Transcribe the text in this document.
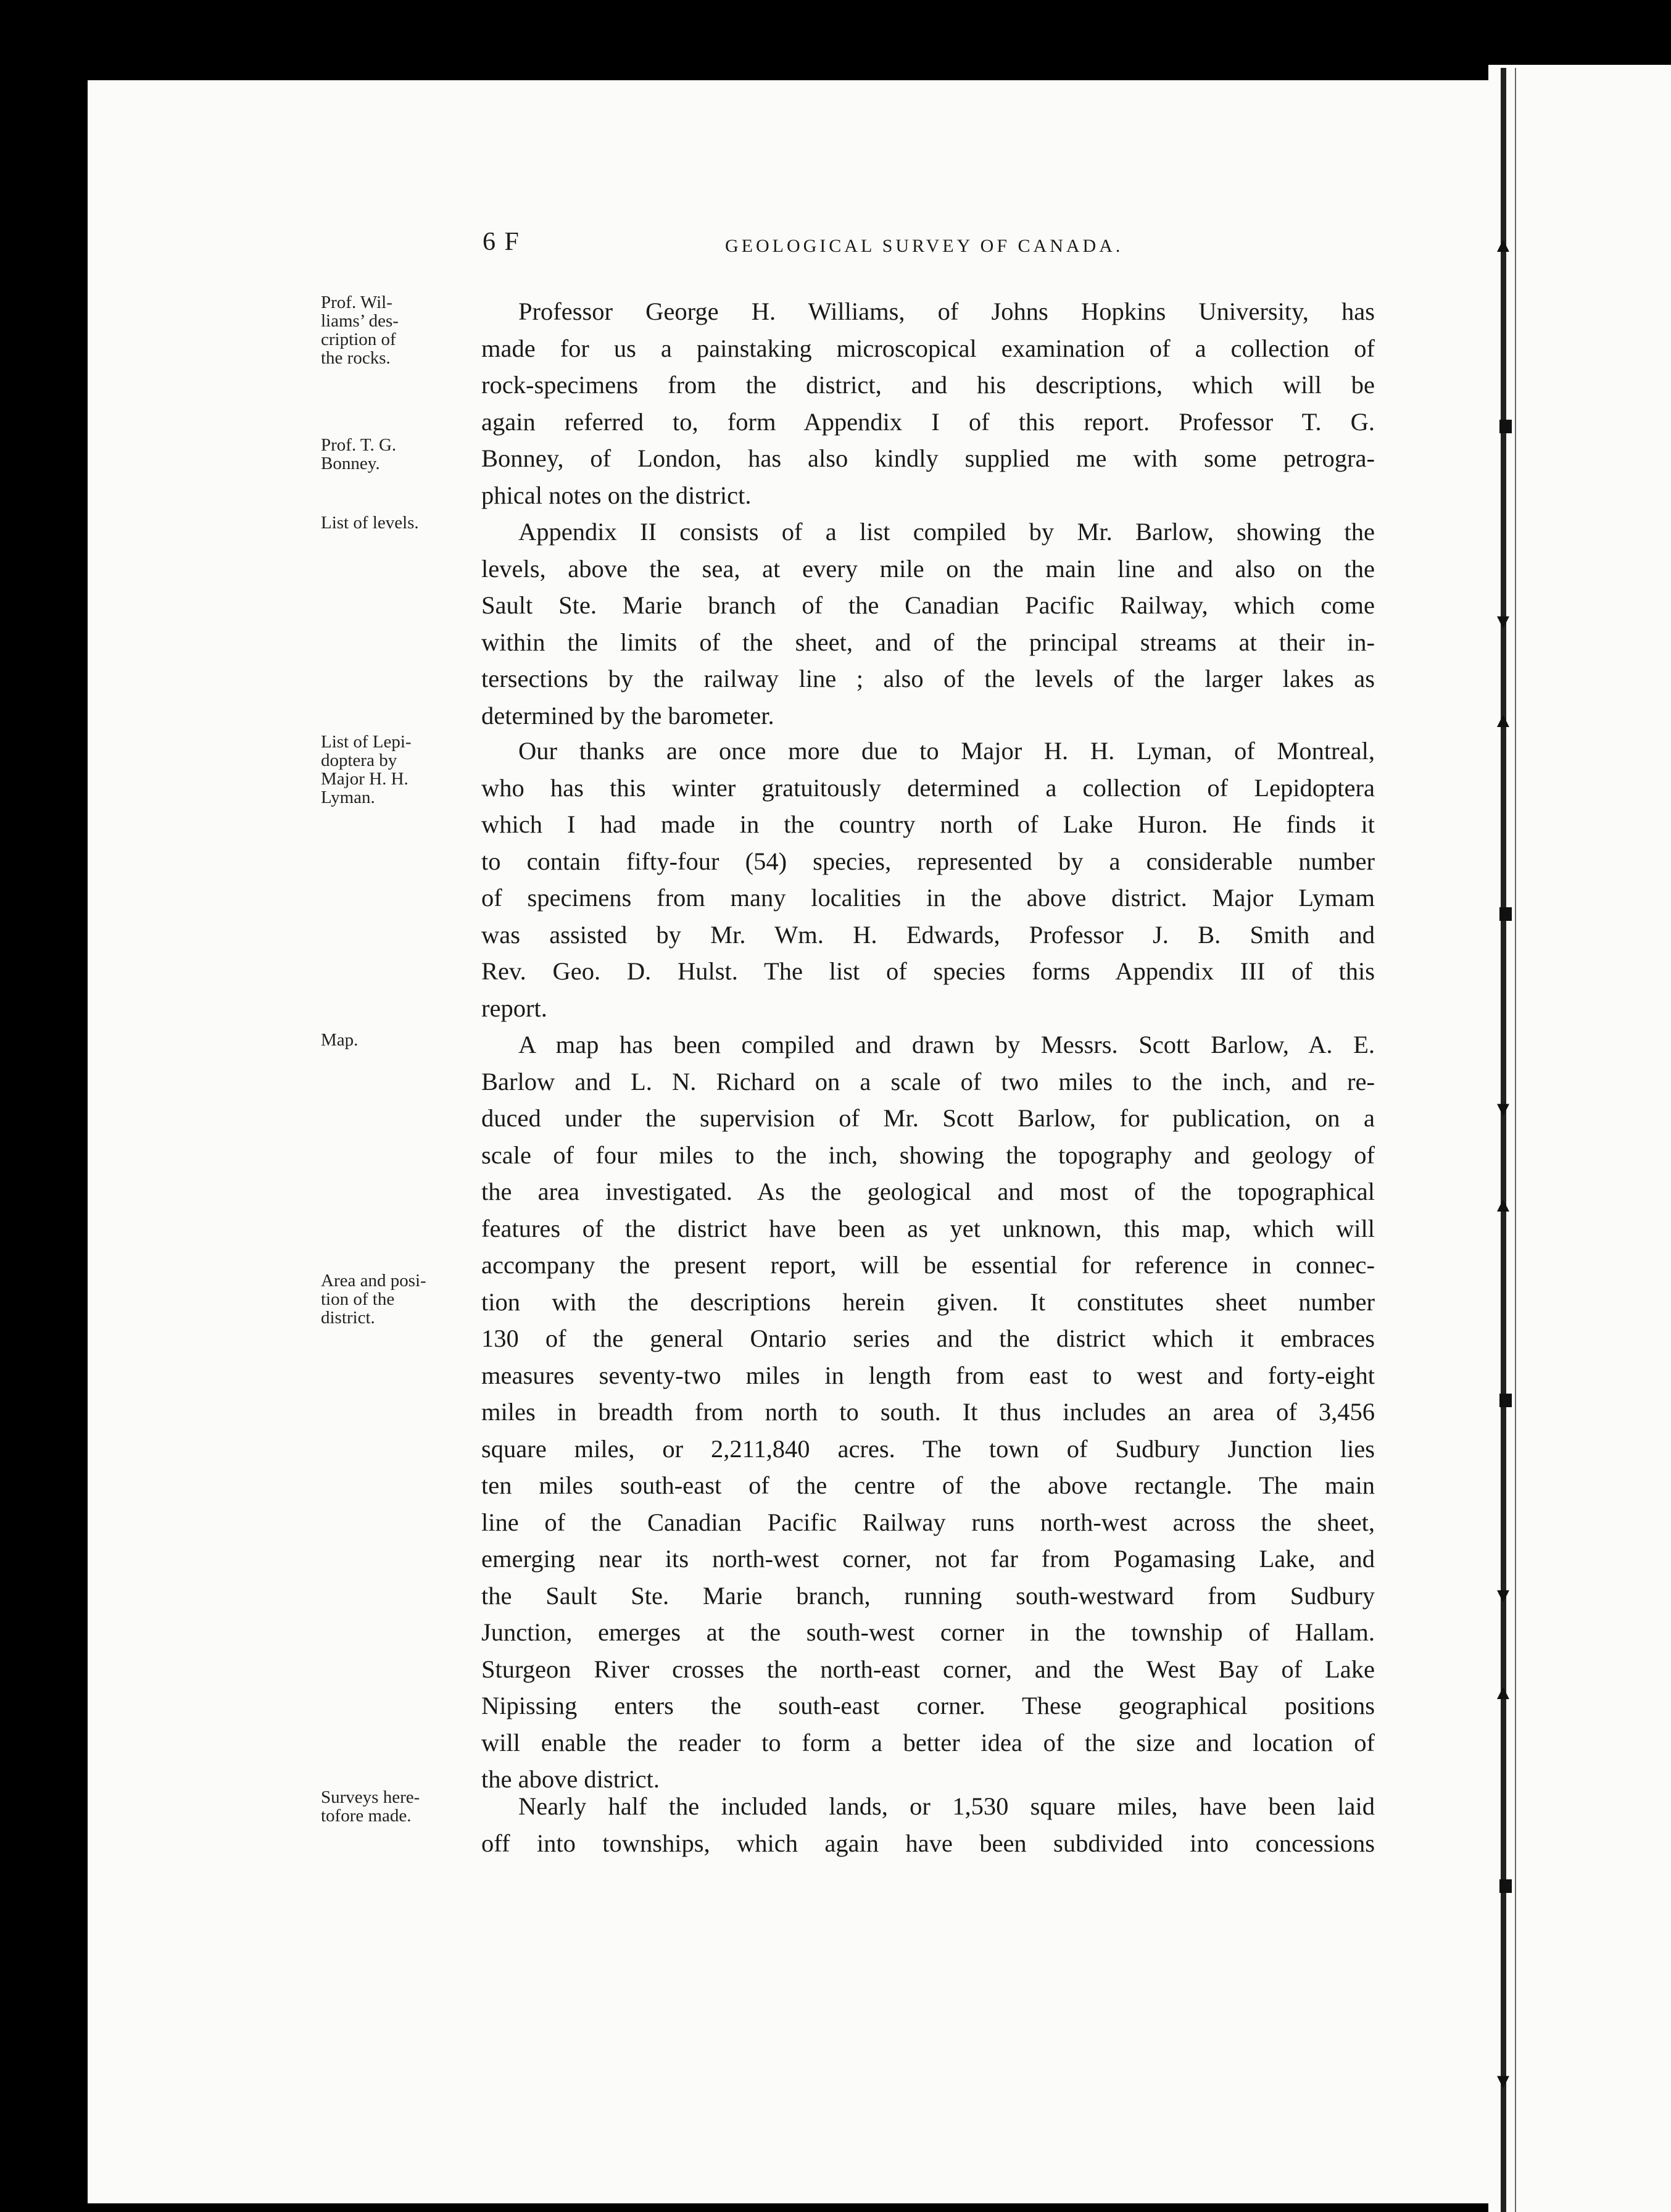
▲
▼
▲
▼
▲
▼
▲
▼
6 F	GEOLOGICAL SURVEY OF CANADA.
Prof. Wil-
liams’ des-
cription of
the rocks.
Prof. T. G.
Bonney.
List of levels.
List of Lepi-
doptera by
Major H. H.
Lyman.
Map.
Area and posi-
tion of the
district.
Surveys here-
tofore made.
Professor George H. Williams, of Johns Hopkins University, has
made for us a painstaking microscopical examination of a collection of
rock-specimens from the district, and his descriptions, which will be
again referred to, form Appendix I of this report. Professor T. G.
Bonney, of London, has also kindly supplied me with some petrogra-
phical notes on the district.
Appendix II consists of a list compiled by Mr. Barlow, showing the
levels, above the sea, at every mile on the main line and also on the
Sault Ste. Marie branch of the Canadian Pacific Railway, which come
within the limits of the sheet, and of the principal streams at their in-
tersections by the railway line ; also of the levels of the larger lakes as
determined by the barometer.
Our thanks are once more due to Major H. H. Lyman, of Montreal,
who has this winter gratuitously determined a collection of Lepidoptera
which I had made in the country north of Lake Huron. He finds it
to contain fifty-four (54) species, represented by a considerable number
of specimens from many localities in the above district. Major Lymam
was assisted by Mr. Wm. H. Edwards, Professor J. B. Smith and
Rev. Geo. D. Hulst. The list of species forms Appendix III of this
report.
A map has been compiled and drawn by Messrs. Scott Barlow, A. E.
Barlow and L. N. Richard on a scale of two miles to the inch, and re-
duced under the supervision of Mr. Scott Barlow, for publication, on a
scale of four miles to the inch, showing the topography and geology of
the area investigated. As the geological and most of the topographical
features of the district have been as yet unknown, this map, which will
accompany the present report, will be essential for reference in connec-
tion with the descriptions herein given. It constitutes sheet number
130 of the general Ontario series and the district which it embraces
measures seventy-two miles in length from east to west and forty-eight
miles in breadth from north to south. It thus includes an area of 3,456
square miles, or 2,211,840 acres. The town of Sudbury Junction lies
ten miles south-east of the centre of the above rectangle. The main
line of the Canadian Pacific Railway runs north-west across the sheet,
emerging near its north-west corner, not far from Pogamasing Lake, and
the Sault Ste. Marie branch, running south-westward from Sudbury
Junction, emerges at the south-west corner in the township of Hallam.
Sturgeon River crosses the north-east corner, and the West Bay of Lake
Nipissing enters the south-east corner. These geographical positions
will enable the reader to form a better idea of the size and location of
the above district.
Nearly half the included lands, or 1,530 square miles, have been laid
off into townships, which again have been subdivided into concessions
